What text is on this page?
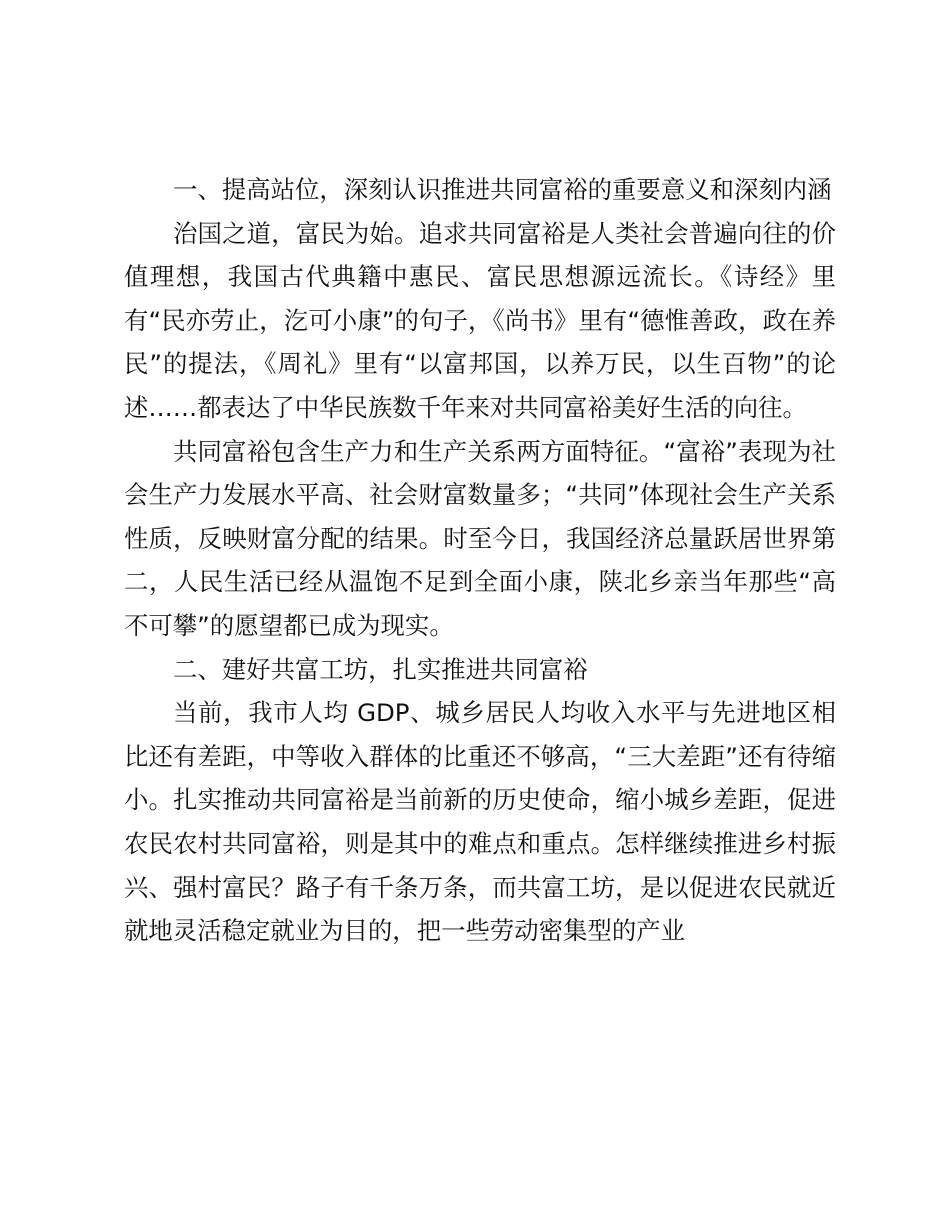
一、提高站位，深刻认识推进共同富裕的重要意义和深刻内涵

治国之道，富民为始。追求共同富裕是人类社会普遍向往的价值理想，我国古代典籍中惠民、富民思想源远流长。《诗经》里有“民亦劳止，汔可小康”的句子，《尚书》里有“德惟善政，政在养民”的提法，《周礼》里有“以富邦国，以养万民，以生百物”的论述……都表达了中华民族数千年来对共同富裕美好生活的向往。

共同富裕包含生产力和生产关系两方面特征。“富裕”表现为社会生产力发展水平高、社会财富数量多；“共同”体现社会生产关系性质，反映财富分配的结果。时至今日，我国经济总量跃居世界第二，人民生活已经从温饱不足到全面小康，陕北乡亲当年那些“高不可攀”的愿望都已成为现实。

二、建好共富工坊，扎实推进共同富裕

当前，我市人均 GDP、城乡居民人均收入水平与先进地区相比还有差距，中等收入群体的比重还不够高，“三大差距”还有待缩小。扎实推动共同富裕是当前新的历史使命，缩小城乡差距，促进农民农村共同富裕，则是其中的难点和重点。怎样继续推进乡村振兴、强村富民？路子有千条万条，而共富工坊，是以促进农民就近就地灵活稳定就业为目的，把一些劳动密集型的产业
